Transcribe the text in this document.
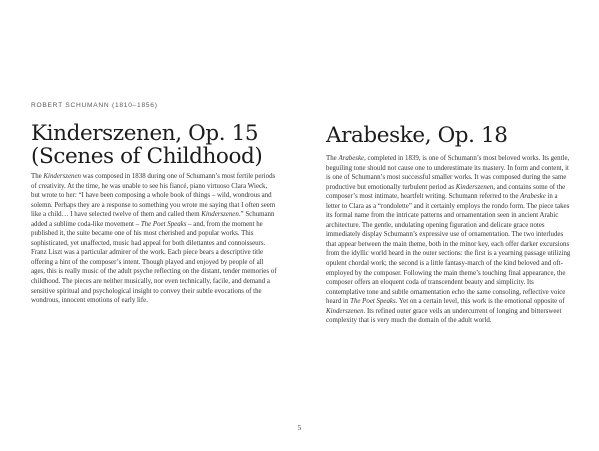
ROBERT SCHUMANN (1810–1856)
Kinderszenen, Op. 15
(Scenes of Childhood)

The Kinderszenen was composed in 1838 during one of Schumann’s most fertile periods of creativity. At the time, he was unable to see his fiancé, piano virtuoso Clara Wieck, but wrote to her: “I have been composing a whole book of things – wild, wondrous and solemn. Perhaps they are a response to something you wrote me saying that I often seem like a child… I have selected twelve of them and called them Kinderszenen.” Schumann added a sublime coda-like movement – The Poet Speaks – and, from the moment he published it, the suite became one of his most cherished and popular works. This sophisticated, yet unaffected, music had appeal for both dilettantes and connoisseurs. Franz Liszt was a particular admirer of the work. Each piece bears a descriptive title offering a hint of the composer’s intent. Though played and enjoyed by people of all ages, this is really music of the adult psyche reflecting on the distant, tender memories of childhood. The pieces are neither musically, nor even technically, facile, and demand a sensitive spiritual and psychological insight to convey their subtle evocations of the wondrous, innocent emotions of early life.

Arabeske, Op. 18

The Arabeske, completed in 1839, is one of Schumann’s most beloved works. Its gentle, beguiling tone should not cause one to underestimate its mastery. In form and content, it is one of Schumann’s most successful smaller works. It was composed during the same productive but emotionally turbulent period as Kinderszenen, and contains some of the composer’s most intimate, heartfelt writing. Schumann referred to the Arabeske in a letter to Clara as a “rondolette” and it certainly employs the rondo form. The piece takes its formal name from the intricate patterns and ornamentation seen in ancient Arabic architecture. The gentle, undulating opening figuration and delicate grace notes immediately display Schumann’s expressive use of ornamentation. The two interludes that appear between the main theme, both in the minor key, each offer darker excursions from the idyllic world heard in the outer sections: the first is a yearning passage utilizing opulent chordal work; the second is a little fantasy-march of the kind beloved and oft-employed by the composer. Following the main theme’s touching final appearance, the composer offers an eloquent coda of transcendent beauty and simplicity. Its contemplative tone and subtle ornamentation echo the same consoling, reflective voice heard in The Poet Speaks. Yet on a certain level, this work is the emotional opposite of Kinderszenen. Its refined outer grace veils an undercurrent of longing and bittersweet complexity that is very much the domain of the adult world.

5
